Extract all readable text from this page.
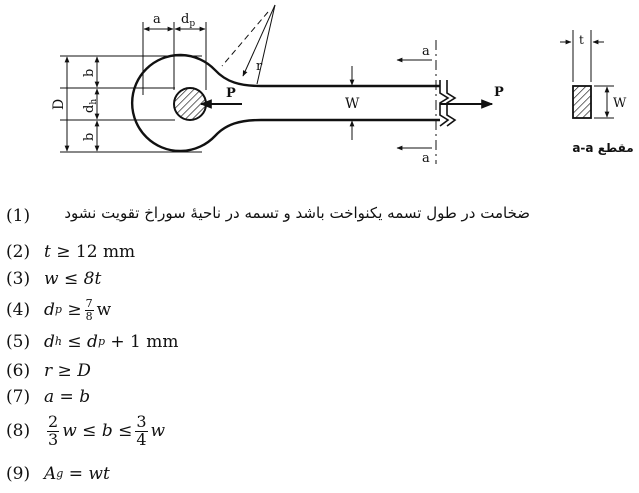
a $d_p$
D
b
$d_h$
b
r
P
W
P
a
a
t
W
مقطع a-a
(1)	ضخامت در طول تسمه یکنواخت باشد و تسمه در ناحیهٔ سوراخ تقویت نشود
(2) t
≥
12 mm
(3) w
≤
8t
(4) d p
≥ $\frac{7}{8}$ w
(5) d h
≤
d p
+ 1 mm
(6) r
≥
D
(7) a
=
b
(8)	$\frac{2}{3}$ w
≤
b
≤ $\frac{3}{4}$ w
(9) A g
=
wt
